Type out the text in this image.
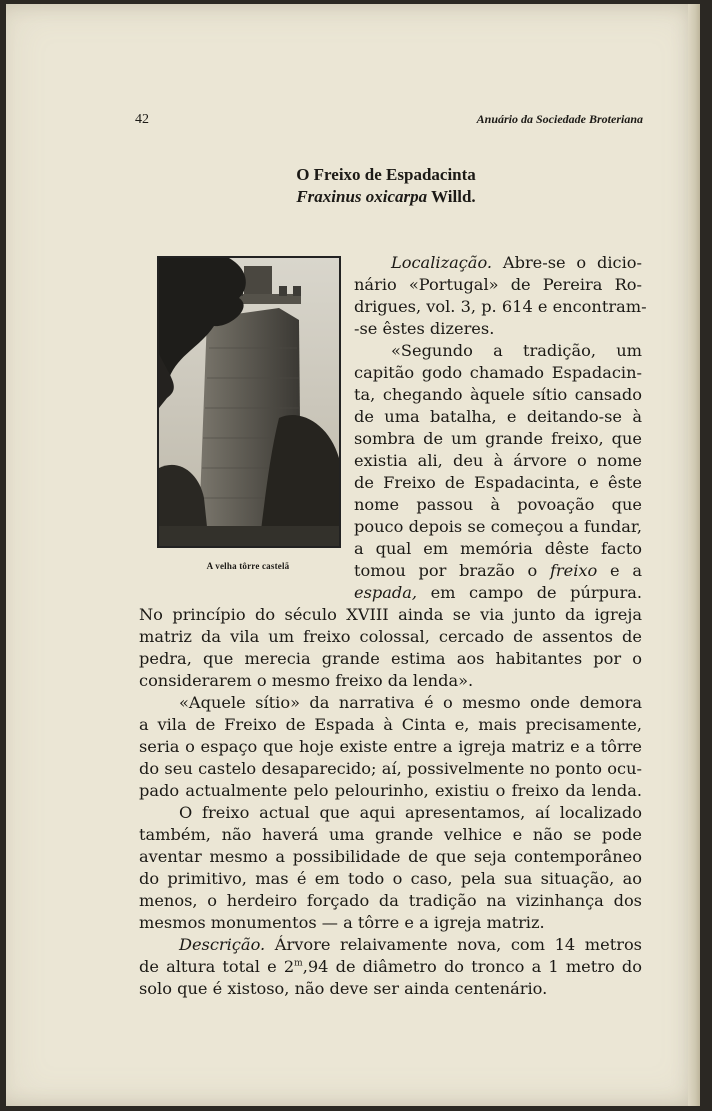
42	Anuário da Sociedade Broteriana
O Freixo de Espadacinta
Fraxinus oxicarpa Willd.
A velha tôrre castelã
Localização. Abre-se o dicio-
nário «Portugal» de Pereira Ro-
drigues, vol. 3, p. 614 e encontram-
-se êstes dizeres.
«Segundo a tradição, um
capitão godo chamado Espadacin-
ta, chegando àquele sítio cansado
de uma batalha, e deitando-se à
sombra de um grande freixo, que
existia ali, deu à árvore o nome
de Freixo de Espadacinta, e êste
nome passou à povoação que
pouco depois se começou a fundar,
a qual em memória dêste facto
tomou por brazão o freixo e a
espada, em campo de púrpura.
No princípio do século XVIII ainda se via junto da igreja
matriz da vila um freixo colossal, cercado de assentos de
pedra, que merecia grande estima aos habitantes por o
considerarem o mesmo freixo da lenda».
«Aquele sítio» da narrativa é o mesmo onde demora
a vila de Freixo de Espada à Cinta e, mais precisamente,
seria o espaço que hoje existe entre a igreja matriz e a tôrre
do seu castelo desaparecido; aí, possivelmente no ponto ocu-
pado actualmente pelo pelourinho, existiu o freixo da lenda.
O freixo actual que aqui apresentamos, aí localizado
também, não haverá uma grande velhice e não se pode
aventar mesmo a possibilidade de que seja contemporâneo
do primitivo, mas é em todo o caso, pela sua situação, ao
menos, o herdeiro forçado da tradição na vizinhança dos
mesmos monumentos — a tôrre e a igreja matriz.
Descrição. Árvore relaivamente nova, com 14 metros
de altura total e 2$^m$,94 de diâmetro do tronco a 1 metro do
solo que é xistoso, não deve ser ainda centenário.
